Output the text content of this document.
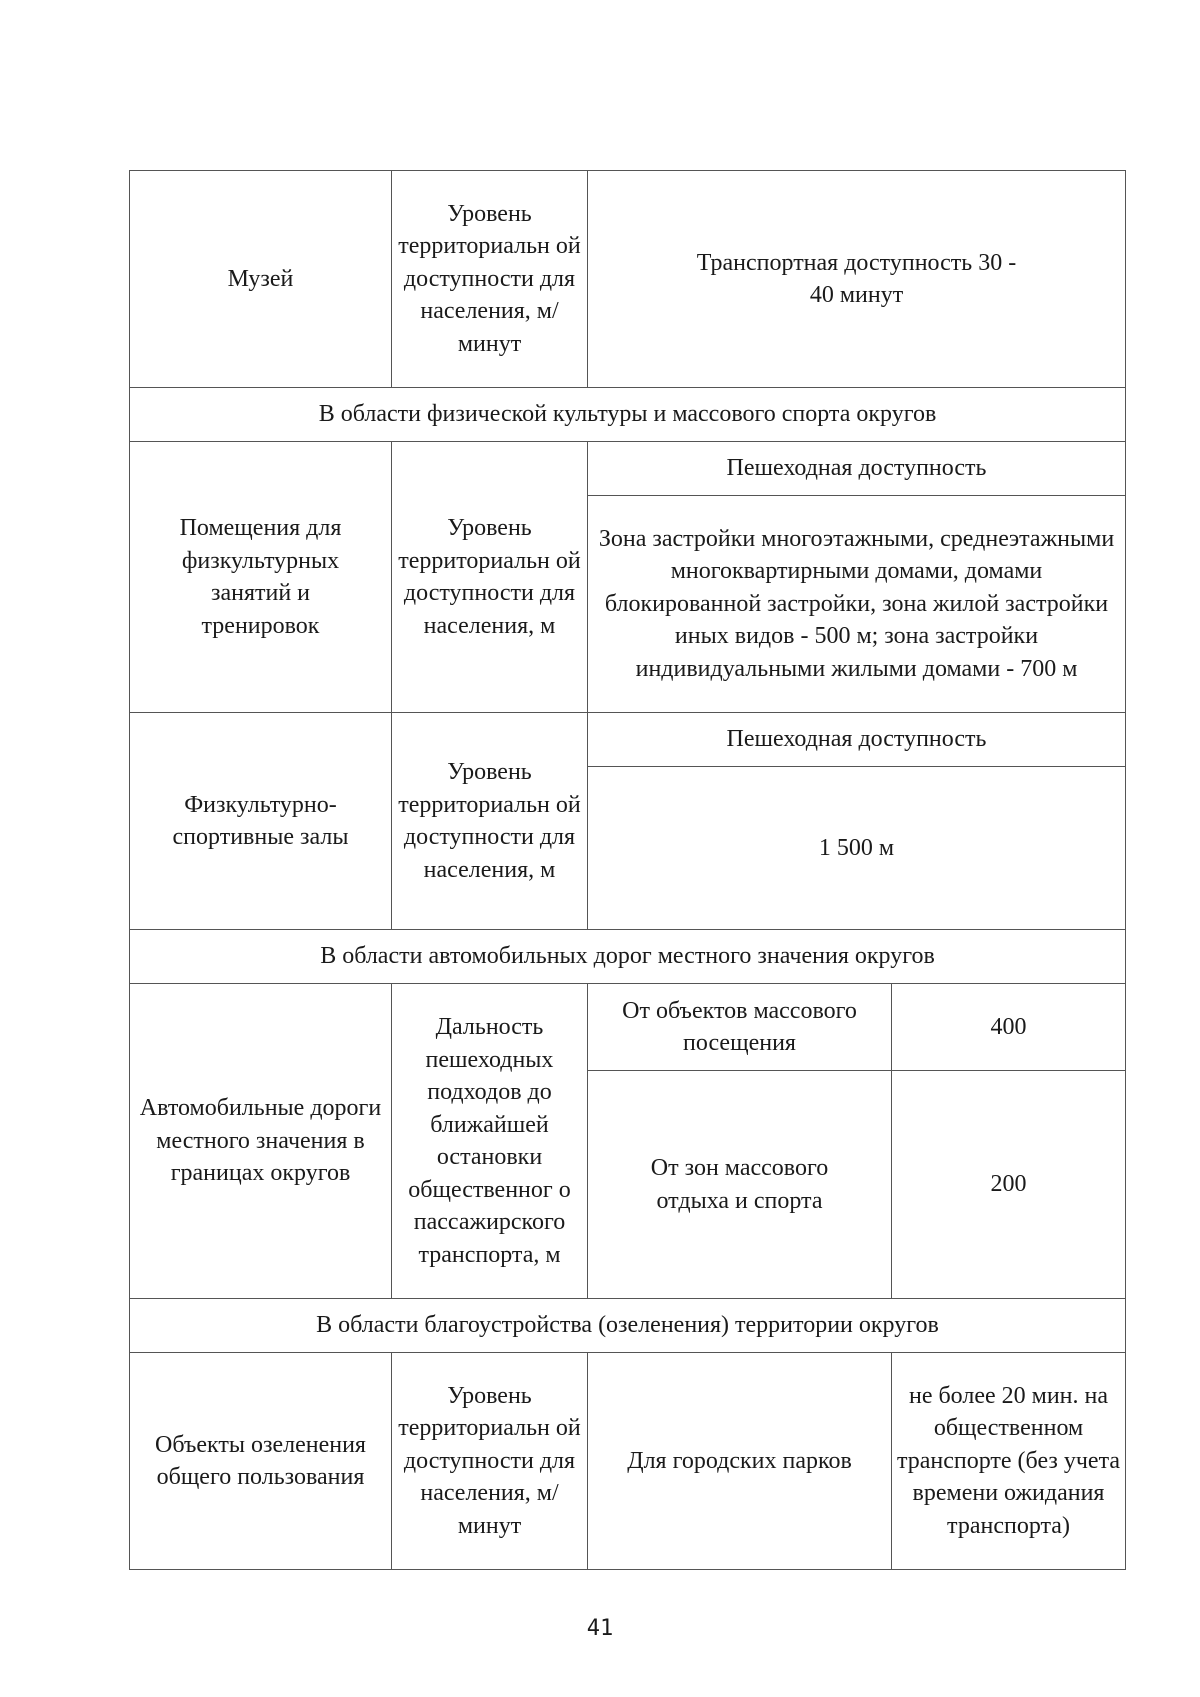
Музей	Уровень территориальн ой доступности для населения, м/минут	Транспортная доступность 30 - 40 минут	

В области физической культуры и массового спорта округов			

Помещения для физкультурных занятий и тренировок	Уровень территориальн ой доступности для населения, м	Пешеходная доступность	
		Зона застройки многоэтажными, среднеэтажными многоквартирными домами, домами блокированной застройки, зона жилой застройки иных видов - 500 м; зона застройки индивидуальными жилыми домами - 700 м	

Физкультурно-спортивные залы	Уровень территориальн ой доступности для населения, м	Пешеходная доступность	
		1 500 м	
В области автомобильных дорог местного значения округов			
Автомобильные дороги местного значения в границах округов	Дальность пешеходных подходов до ближайшей остановки общественног о пассажирского транспорта, м	От объектов массового посещения	400

		От зон массового отдыха и спорта	200
В области благоустройства (озеленения) территории округов			
Объекты озеленения общего пользования	Уровень территориальн ой доступности для населения, м/минут	Для городских парков	не более 20 мин. на общественном транспорте (без учета времени ожидания транспорта)
41
